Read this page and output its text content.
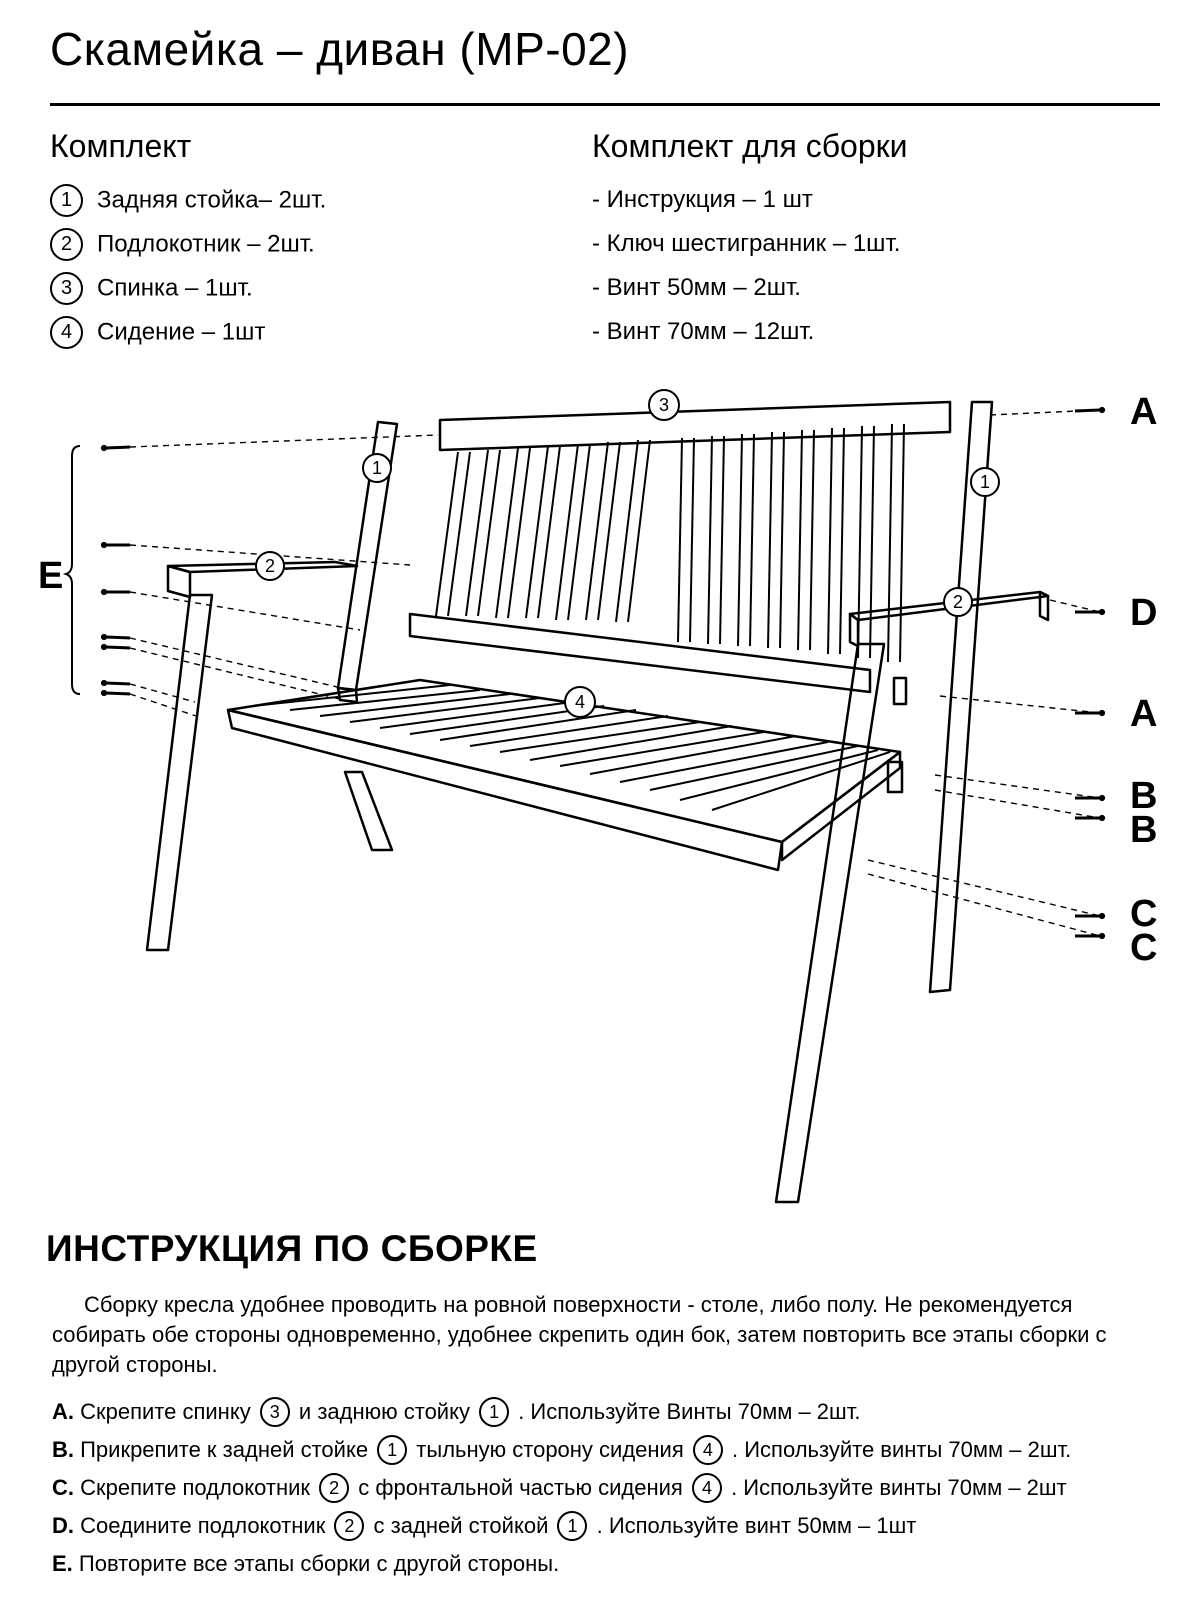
Скамейка – диван (MP-02)
Комплект
1 Задняя стойка– 2шт.
2 Подлокотник – 2шт.
3 Спинка – 1шт.
4 Сидение – 1шт
Комплект для сборки
- Инструкция – 1 шт
- Ключ шестигранник – 1шт.
- Винт 50мм – 2шт.
- Винт 70мм – 12шт.
1
1
2
2
3
4
A
D
A
B
B
C
C
E
ИНСТРУКЦИЯ ПО СБОРКЕ

Сборку кресла удобнее проводить на ровной поверхности - столе, либо полу. Не рекомендуется собирать обе стороны одновременно, удобнее скрепить один бок, затем повторить все этапы сборки с другой стороны.

A. Скрепите спинку 3 и заднюю стойку 1 . Используйте Винты 70мм – 2шт.
B. Прикрепите к задней стойке 1 тыльную сторону сидения 4 . Используйте винты 70мм – 2шт.
C. Скрепите подлокотник 2 с фронтальной частью сидения 4 . Используйте винты 70мм – 2шт
D. Соедините подлокотник 2 с задней стойкой 1 . Используйте винт 50мм – 1шт
E. Повторите все этапы сборки с другой стороны.
